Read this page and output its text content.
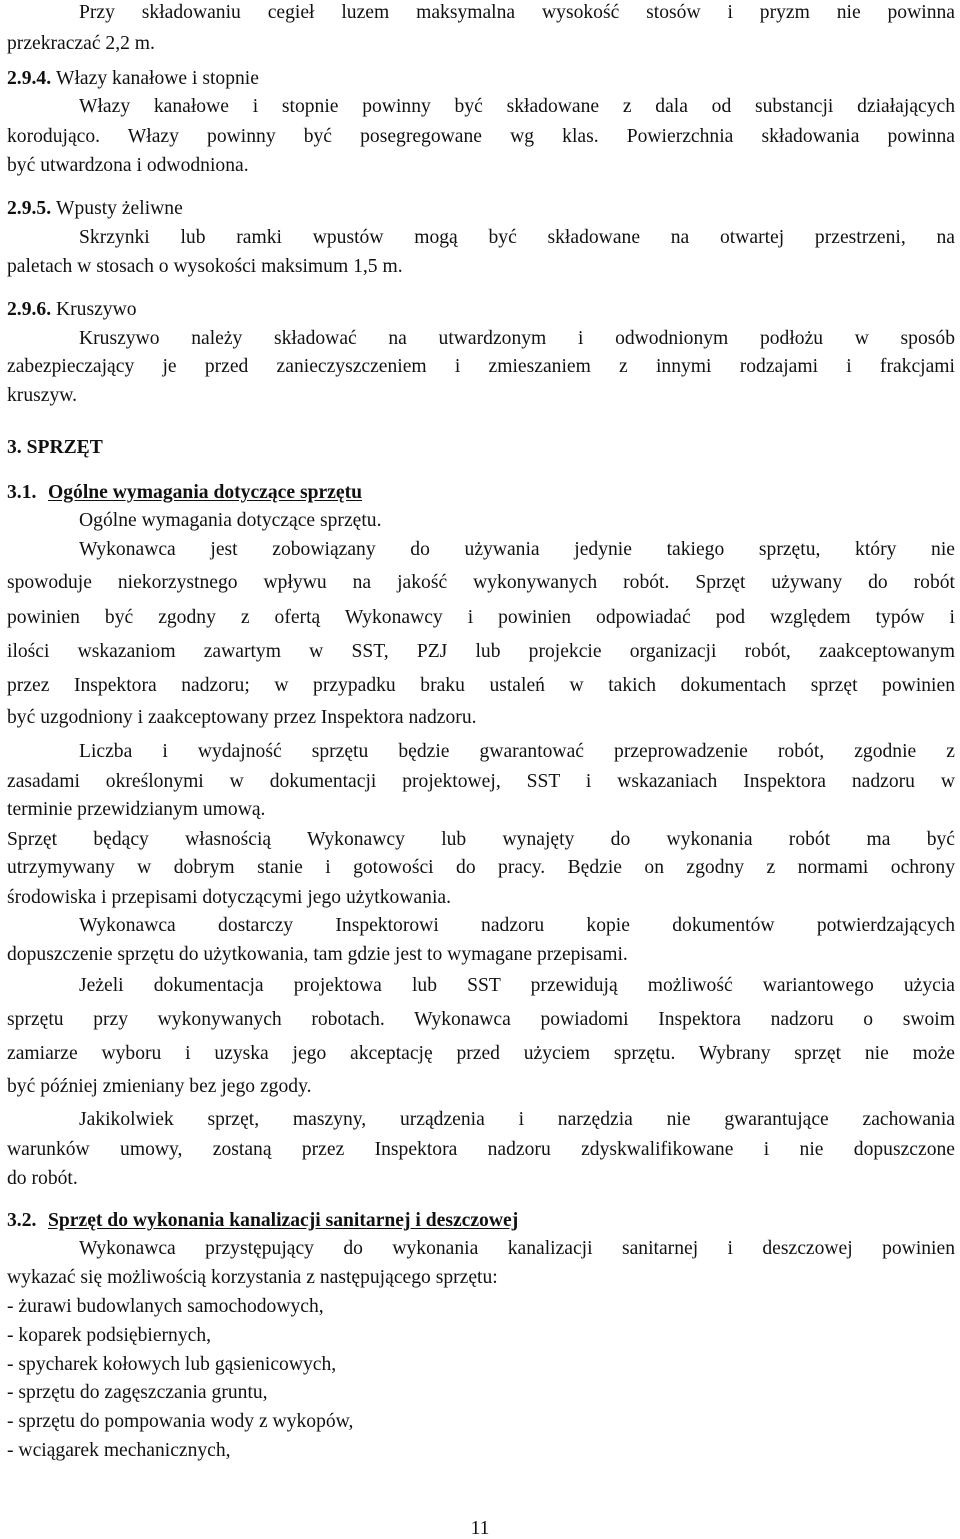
Przy składowaniu cegieł luzem maksymalna wysokość stosów i pryzm nie powinna
przekraczać 2,2 m.
2.9.4. Włazy kanałowe i stopnie
Włazy kanałowe i stopnie powinny być składowane z dala od substancji działających
korodująco. Włazy powinny być posegregowane wg klas. Powierzchnia składowania powinna
być utwardzona i odwodniona.
2.9.5. Wpusty żeliwne
Skrzynki lub ramki wpustów mogą być składowane na otwartej przestrzeni, na
paletach w stosach o wysokości maksimum 1,5 m.
2.9.6. Kruszywo
Kruszywo należy składować na utwardzonym i odwodnionym podłożu w sposób
zabezpieczający je przed zanieczyszczeniem i zmieszaniem z innymi rodzajami i frakcjami
kruszyw.
3. SPRZĘT
3.1. Ogólne wymagania dotyczące sprzętu
Ogólne wymagania dotyczące sprzętu.
Wykonawca jest zobowiązany do używania jedynie takiego sprzętu, który nie
spowoduje niekorzystnego wpływu na jakość wykonywanych robót. Sprzęt używany do robót
powinien być zgodny z ofertą Wykonawcy i powinien odpowiadać pod względem typów i
ilości wskazaniom zawartym w SST, PZJ lub projekcie organizacji robót, zaakceptowanym
przez Inspektora nadzoru; w przypadku braku ustaleń w takich dokumentach sprzęt powinien
być uzgodniony i zaakceptowany przez Inspektora nadzoru.
Liczba i wydajność sprzętu będzie gwarantować przeprowadzenie robót, zgodnie z
zasadami określonymi w dokumentacji projektowej, SST i wskazaniach Inspektora nadzoru w
terminie przewidzianym umową.
Sprzęt będący własnością Wykonawcy lub wynajęty do wykonania robót ma być
utrzymywany w dobrym stanie i gotowości do pracy. Będzie on zgodny z normami ochrony
środowiska i przepisami dotyczącymi jego użytkowania.
Wykonawca dostarczy Inspektorowi nadzoru kopie dokumentów potwierdzających
dopuszczenie sprzętu do użytkowania, tam gdzie jest to wymagane przepisami.
Jeżeli dokumentacja projektowa lub SST przewidują możliwość wariantowego użycia
sprzętu przy wykonywanych robotach. Wykonawca powiadomi Inspektora nadzoru o swoim
zamiarze wyboru i uzyska jego akceptację przed użyciem sprzętu. Wybrany sprzęt nie może
być później zmieniany bez jego zgody.
Jakikolwiek sprzęt, maszyny, urządzenia i narzędzia nie gwarantujące zachowania
warunków umowy, zostaną przez Inspektora nadzoru zdyskwalifikowane i nie dopuszczone
do robót.
3.2. Sprzęt do wykonania kanalizacji sanitarnej i deszczowej
Wykonawca przystępujący do wykonania kanalizacji sanitarnej i deszczowej powinien
wykazać się możliwością korzystania z następującego sprzętu:
- żurawi budowlanych samochodowych,
- koparek podsiębiernych,
- spycharek kołowych lub gąsienicowych,
- sprzętu do zagęszczania gruntu,
- sprzętu do pompowania wody z wykopów,
- wciągarek mechanicznych,
11
